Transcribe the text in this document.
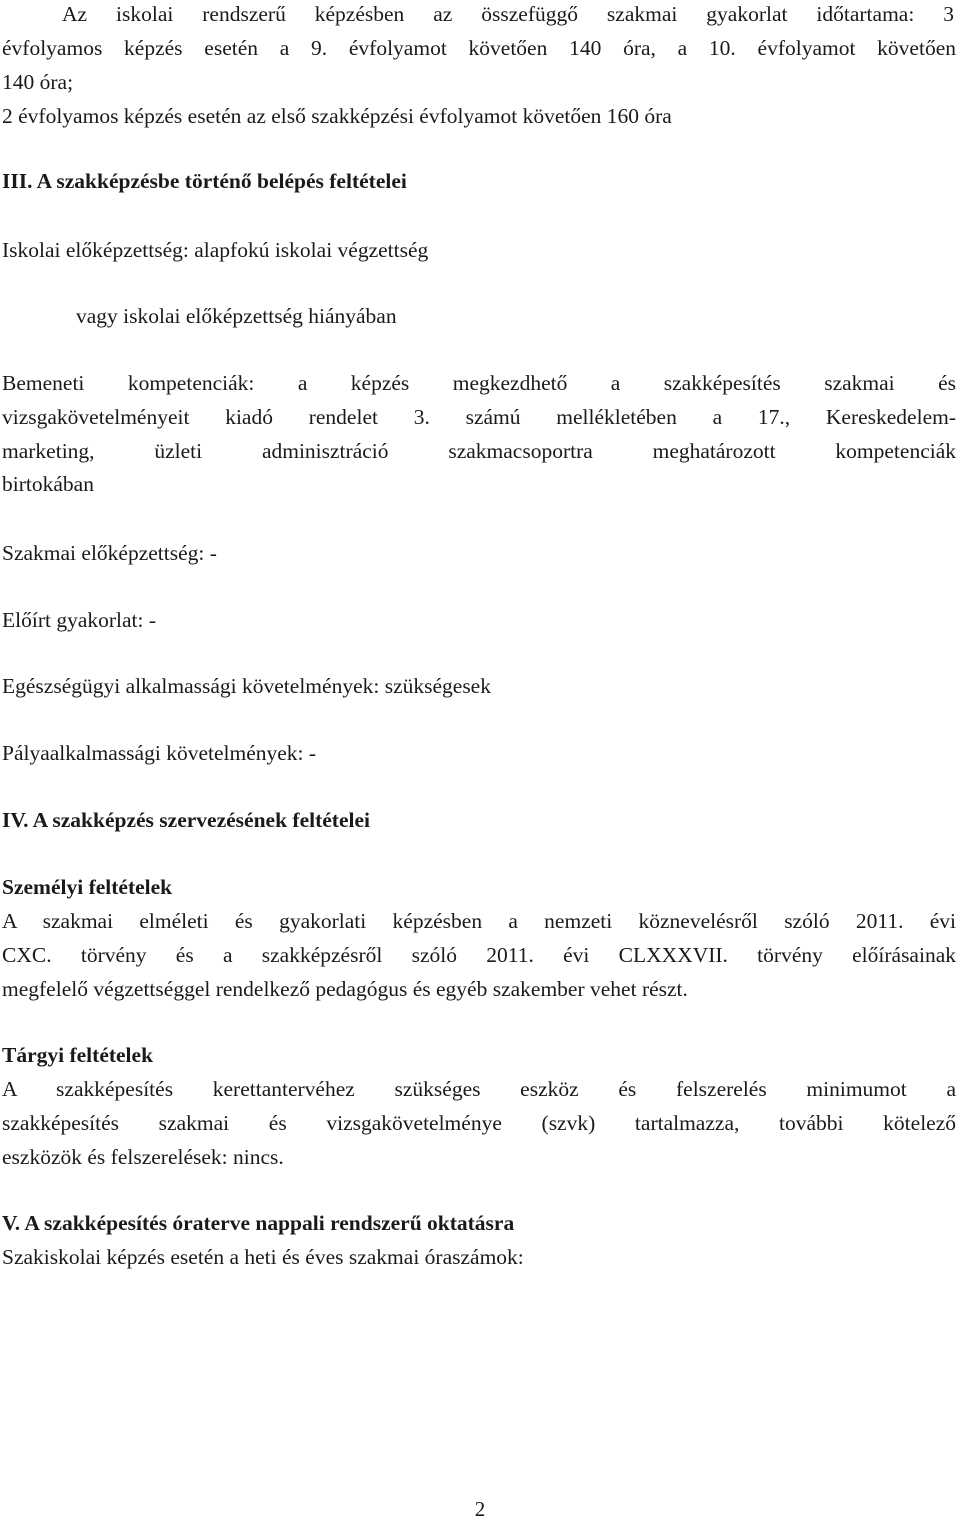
Az iskolai rendszerű képzésben az összefüggő szakmai gyakorlat időtartama: 3
évfolyamos képzés esetén a 9. évfolyamot követően 140 óra, a 10. évfolyamot követően
140 óra;
2 évfolyamos képzés esetén az első szakképzési évfolyamot követően 160 óra
III. A szakképzésbe történő belépés feltételei
Iskolai előképzettség: alapfokú iskolai végzettség
vagy iskolai előképzettség hiányában
Bemeneti kompetenciák: a képzés megkezdhető a szakképesítés szakmai és
vizsgakövetelményeit kiadó rendelet 3. számú mellékletében a 17., Kereskedelem-
marketing, üzleti adminisztráció szakmacsoportra meghatározott kompetenciák
birtokában
Szakmai előképzettség: -
Előírt gyakorlat: -
Egészségügyi alkalmassági követelmények: szükségesek
Pályaalkalmassági követelmények: -
IV. A szakképzés szervezésének feltételei
Személyi feltételek
A szakmai elméleti és gyakorlati képzésben a nemzeti köznevelésről szóló 2011. évi
CXC. törvény és a szakképzésről szóló 2011. évi CLXXXVII. törvény előírásainak
megfelelő végzettséggel rendelkező pedagógus és egyéb szakember vehet részt.
Tárgyi feltételek
A szakképesítés kerettantervéhez szükséges eszköz és felszerelés minimumot a
szakképesítés szakmai és vizsgakövetelménye (szvk) tartalmazza, további kötelező
eszközök és felszerelések: nincs.
V. A szakképesítés óraterve nappali rendszerű oktatásra
Szakiskolai képzés esetén a heti és éves szakmai óraszámok:
2
